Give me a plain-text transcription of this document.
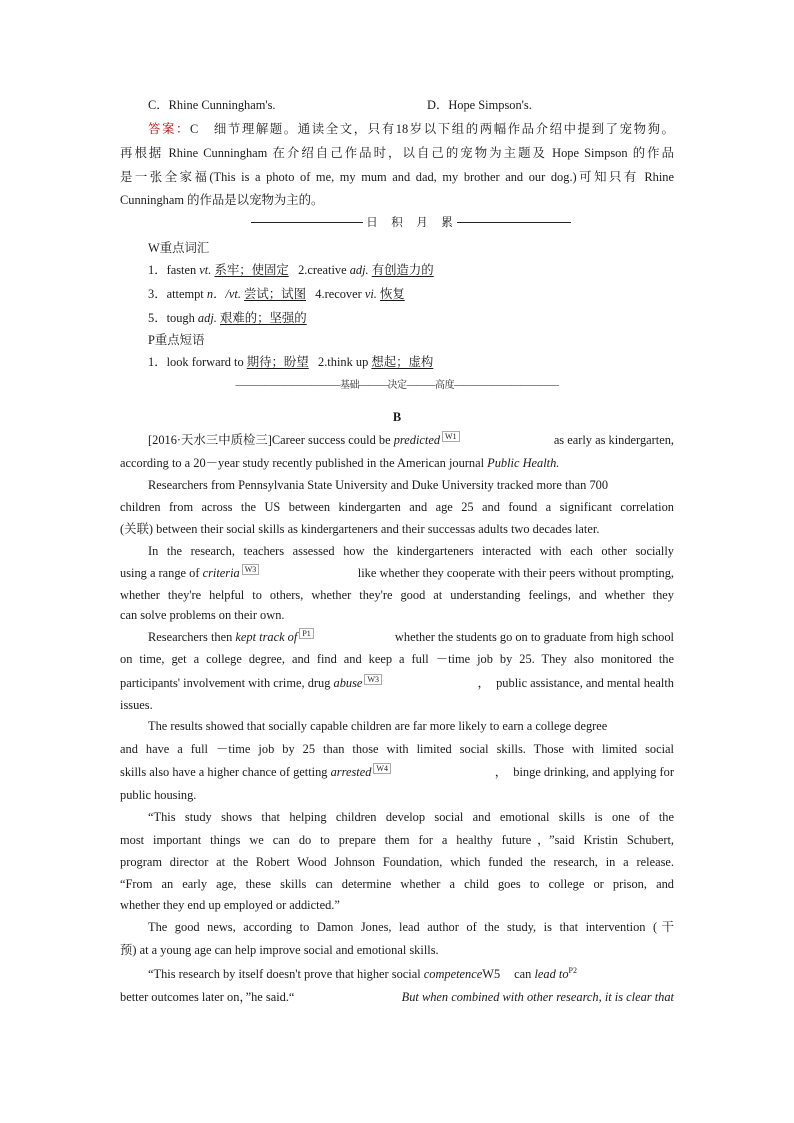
C．Rhine Cunningham's.	D．Hope Simpson's.
答案：C　细节理解题。通读全文，只有18岁以下组的两幅作品介绍中提到了宠物狗。
再根据 Rhine Cunningham 在介绍自己作品时，以自己的宠物为主题及 Hope Simpson 的作品
是一张全家福(This is a photo of me, my mum and dad, my brother and our dog.)可知只有 Rhine
Cunningham 的作品是以宠物为主的。
日　积　月　累
W重点词汇
1．fasten vt. 系牢；使固定 2.creative adj. 有创造力的
3．attempt n．/vt. 尝试；试图 4.recover vi. 恢复
5．tough adj. 艰难的；坚强的
P重点短语
1．look forward to 期待；盼望 2.think up 想起；虚构
———————————基础———决定———高度———————————
B
[2016·天水三中质检三]Career success could be predicted $^{W1}$	as early as kindergarten,
according to a 20－year study recently published in the American journal Public Health.
Researchers from Pennsylvania State University and Duke University tracked more than 700
children from across the US between kindergarten and age 25 and found a significant correlation
(关联) between their social skills as kindergarteners and their successas adults two decades later.
In the research, teachers assessed how the kindergarteners interacted with each other socially
using a range of criteria $^{W3}$	like whether they cooperate with their peers without prompting,
whether they're helpful to others, whether they're good at understanding feelings, and whether they
can solve problems on their own.
Researchers then kept track of $^{P1}$	whether the students go on to graduate from high school
on time, get a college degree, and find and keep a full －time job by 25. They also monitored the
participants' involvement with crime, drug abuse $^{W3}$	，　public assistance, and mental health
issues.
The results showed that socially capable children are far more likely to earn a college degree
and have a full －time job by 25 than those with limited social skills. Those with limited social
skills also have a higher chance of getting arrested $^{W4}$	，　binge drinking, and applying for
public housing.
“This study shows that helping children develop social and emotional skills is one of the
most important things we can do to prepare them for a healthy future，”said Kristin Schubert,
program director at the Robert Wood Johnson Foundation, which funded the research, in a release.
“From an early age, these skills can determine whether a child goes to college or prison, and
whether they end up employed or addicted.”
The good news, according to Damon Jones, lead author of the study, is that intervention (干
预) at a young age can help improve social and emotional skills.
“This research by itself doesn't prove that higher social competenceW5 can lead $to^{P2}$
better outcomes later on，”he said.“	But when combined with other research, it is clear that
